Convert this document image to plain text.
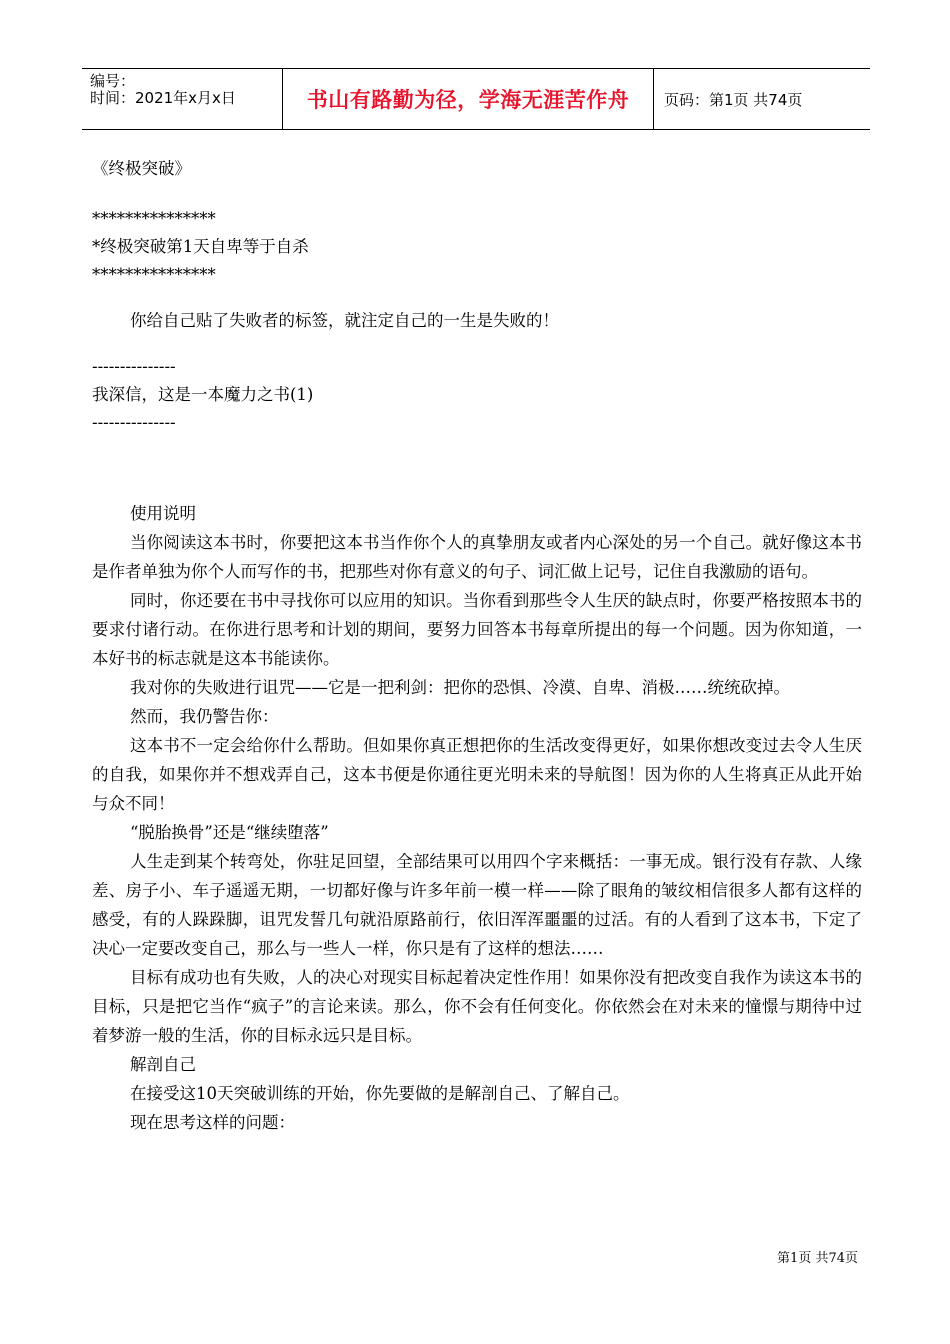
编号：
时间：2021年x月x日	书山有路勤为径，学海无涯苦作舟	页码：第1页 共74页
《终极突破》
***************
*终极突破第1天自卑等于自杀
***************
你给自己贴了失败者的标签，就注定自己的一生是失败的！
---------------
我深信，这是一本魔力之书(1)
---------------

使用说明

当你阅读这本书时，你要把这本书当作你个人的真挚朋友或者内心深处的另一个自己。就好像这本书是作者单独为你个人而写作的书，把那些对你有意义的句子、词汇做上记号，记住自我激励的语句。

同时，你还要在书中寻找你可以应用的知识。当你看到那些令人生厌的缺点时，你要严格按照本书的要求付诸行动。在你进行思考和计划的期间，要努力回答本书每章所提出的每一个问题。因为你知道，一本好书的标志就是这本书能读你。

我对你的失败进行诅咒——它是一把利剑：把你的恐惧、冷漠、自卑、消极……统统砍掉。

然而，我仍警告你：

这本书不一定会给你什么帮助。但如果你真正想把你的生活改变得更好，如果你想改变过去令人生厌的自我，如果你并不想戏弄自己，这本书便是你通往更光明未来的导航图！因为你的人生将真正从此开始与众不同！

“脱胎换骨”还是“继续堕落”

人生走到某个转弯处，你驻足回望，全部结果可以用四个字来概括：一事无成。银行没有存款、人缘差、房子小、车子遥遥无期，一切都好像与许多年前一模一样——除了眼角的皱纹相信很多人都有这样的感受，有的人跺跺脚，诅咒发誓几句就沿原路前行，依旧浑浑噩噩的过活。有的人看到了这本书，下定了决心一定要改变自己，那么与一些人一样，你只是有了这样的想法……

目标有成功也有失败，人的决心对现实目标起着决定性作用！如果你没有把改变自我作为读这本书的目标，只是把它当作“疯子”的言论来读。那么，你不会有任何变化。你依然会在对未来的憧憬与期待中过着梦游一般的生活，你的目标永远只是目标。

解剖自己

在接受这10天突破训练的开始，你先要做的是解剖自己、了解自己。

现在思考这样的问题：

第1页 共74页
